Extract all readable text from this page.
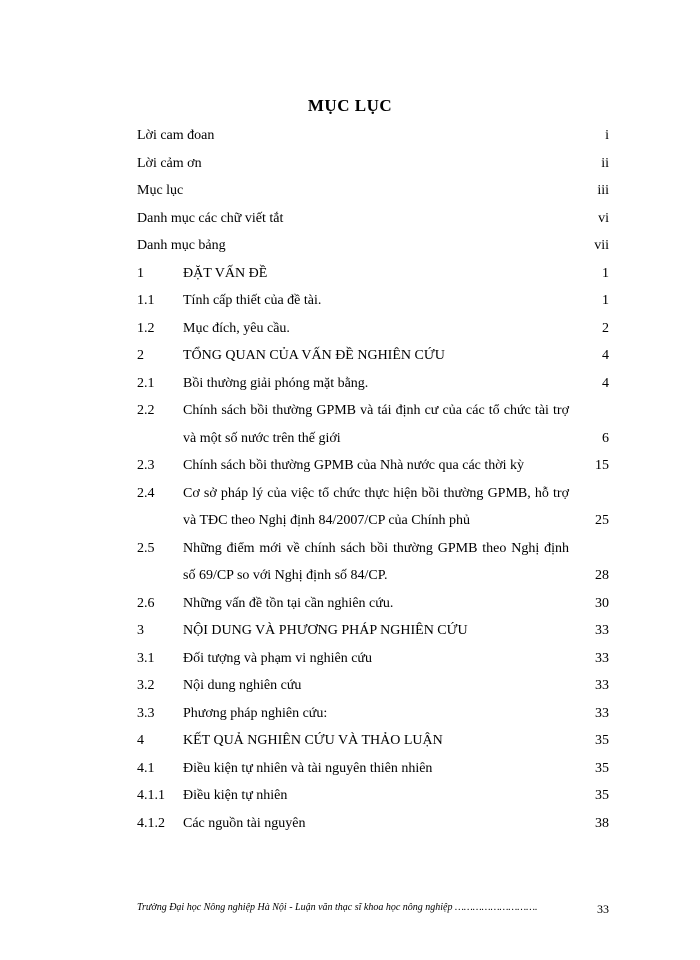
MỤC LỤC
Lời cam đoan	i
Lời cảm ơn	ii
Mục lục	iii
Danh mục các chữ viết tắt	vi
Danh mục bảng	vii
1	ĐẶT VẤN ĐỀ	1
1.1	Tính cấp thiết của đề tài.	1
1.2	Mục đích, yêu cầu.	2
2	TỔNG QUAN CỦA VẤN ĐỀ NGHIÊN CỨU	4
2.1	Bồi thường giải phóng mặt bằng.	4
2.2	Chính sách bồi thường GPMB và tái định cư của các tổ chức tài trợ và một số nước trên thế giới	6
2.3	Chính sách bồi thường GPMB của Nhà nước qua các thời kỳ	15
2.4	Cơ sở pháp lý của việc tổ chức thực hiện bồi thường GPMB, hỗ trợ và TĐC theo Nghị định 84/2007/CP của Chính phủ	25
2.5	Những điểm mới về chính sách bồi thường GPMB theo Nghị định số 69/CP so với Nghị định số 84/CP.	28
2.6	Những vấn đề tồn tại cần nghiên cứu.	30
3	NỘI DUNG VÀ PHƯƠNG PHÁP NGHIÊN CỨU	33
3.1	Đối tượng và phạm vi nghiên cứu	33
3.2	Nội dung nghiên cứu	33
3.3	Phương pháp nghiên cứu:	33
4	KẾT QUẢ NGHIÊN CỨU VÀ THẢO LUẬN	35
4.1	Điều kiện tự nhiên và tài nguyên thiên nhiên	35
4.1.1	Điều kiện tự nhiên	35
4.1.2	Các nguồn tài nguyên	38
Trường Đại học Nông nghiệp Hà Nội - Luận văn thạc sĩ khoa học nông nghiệp ……………………….	33
